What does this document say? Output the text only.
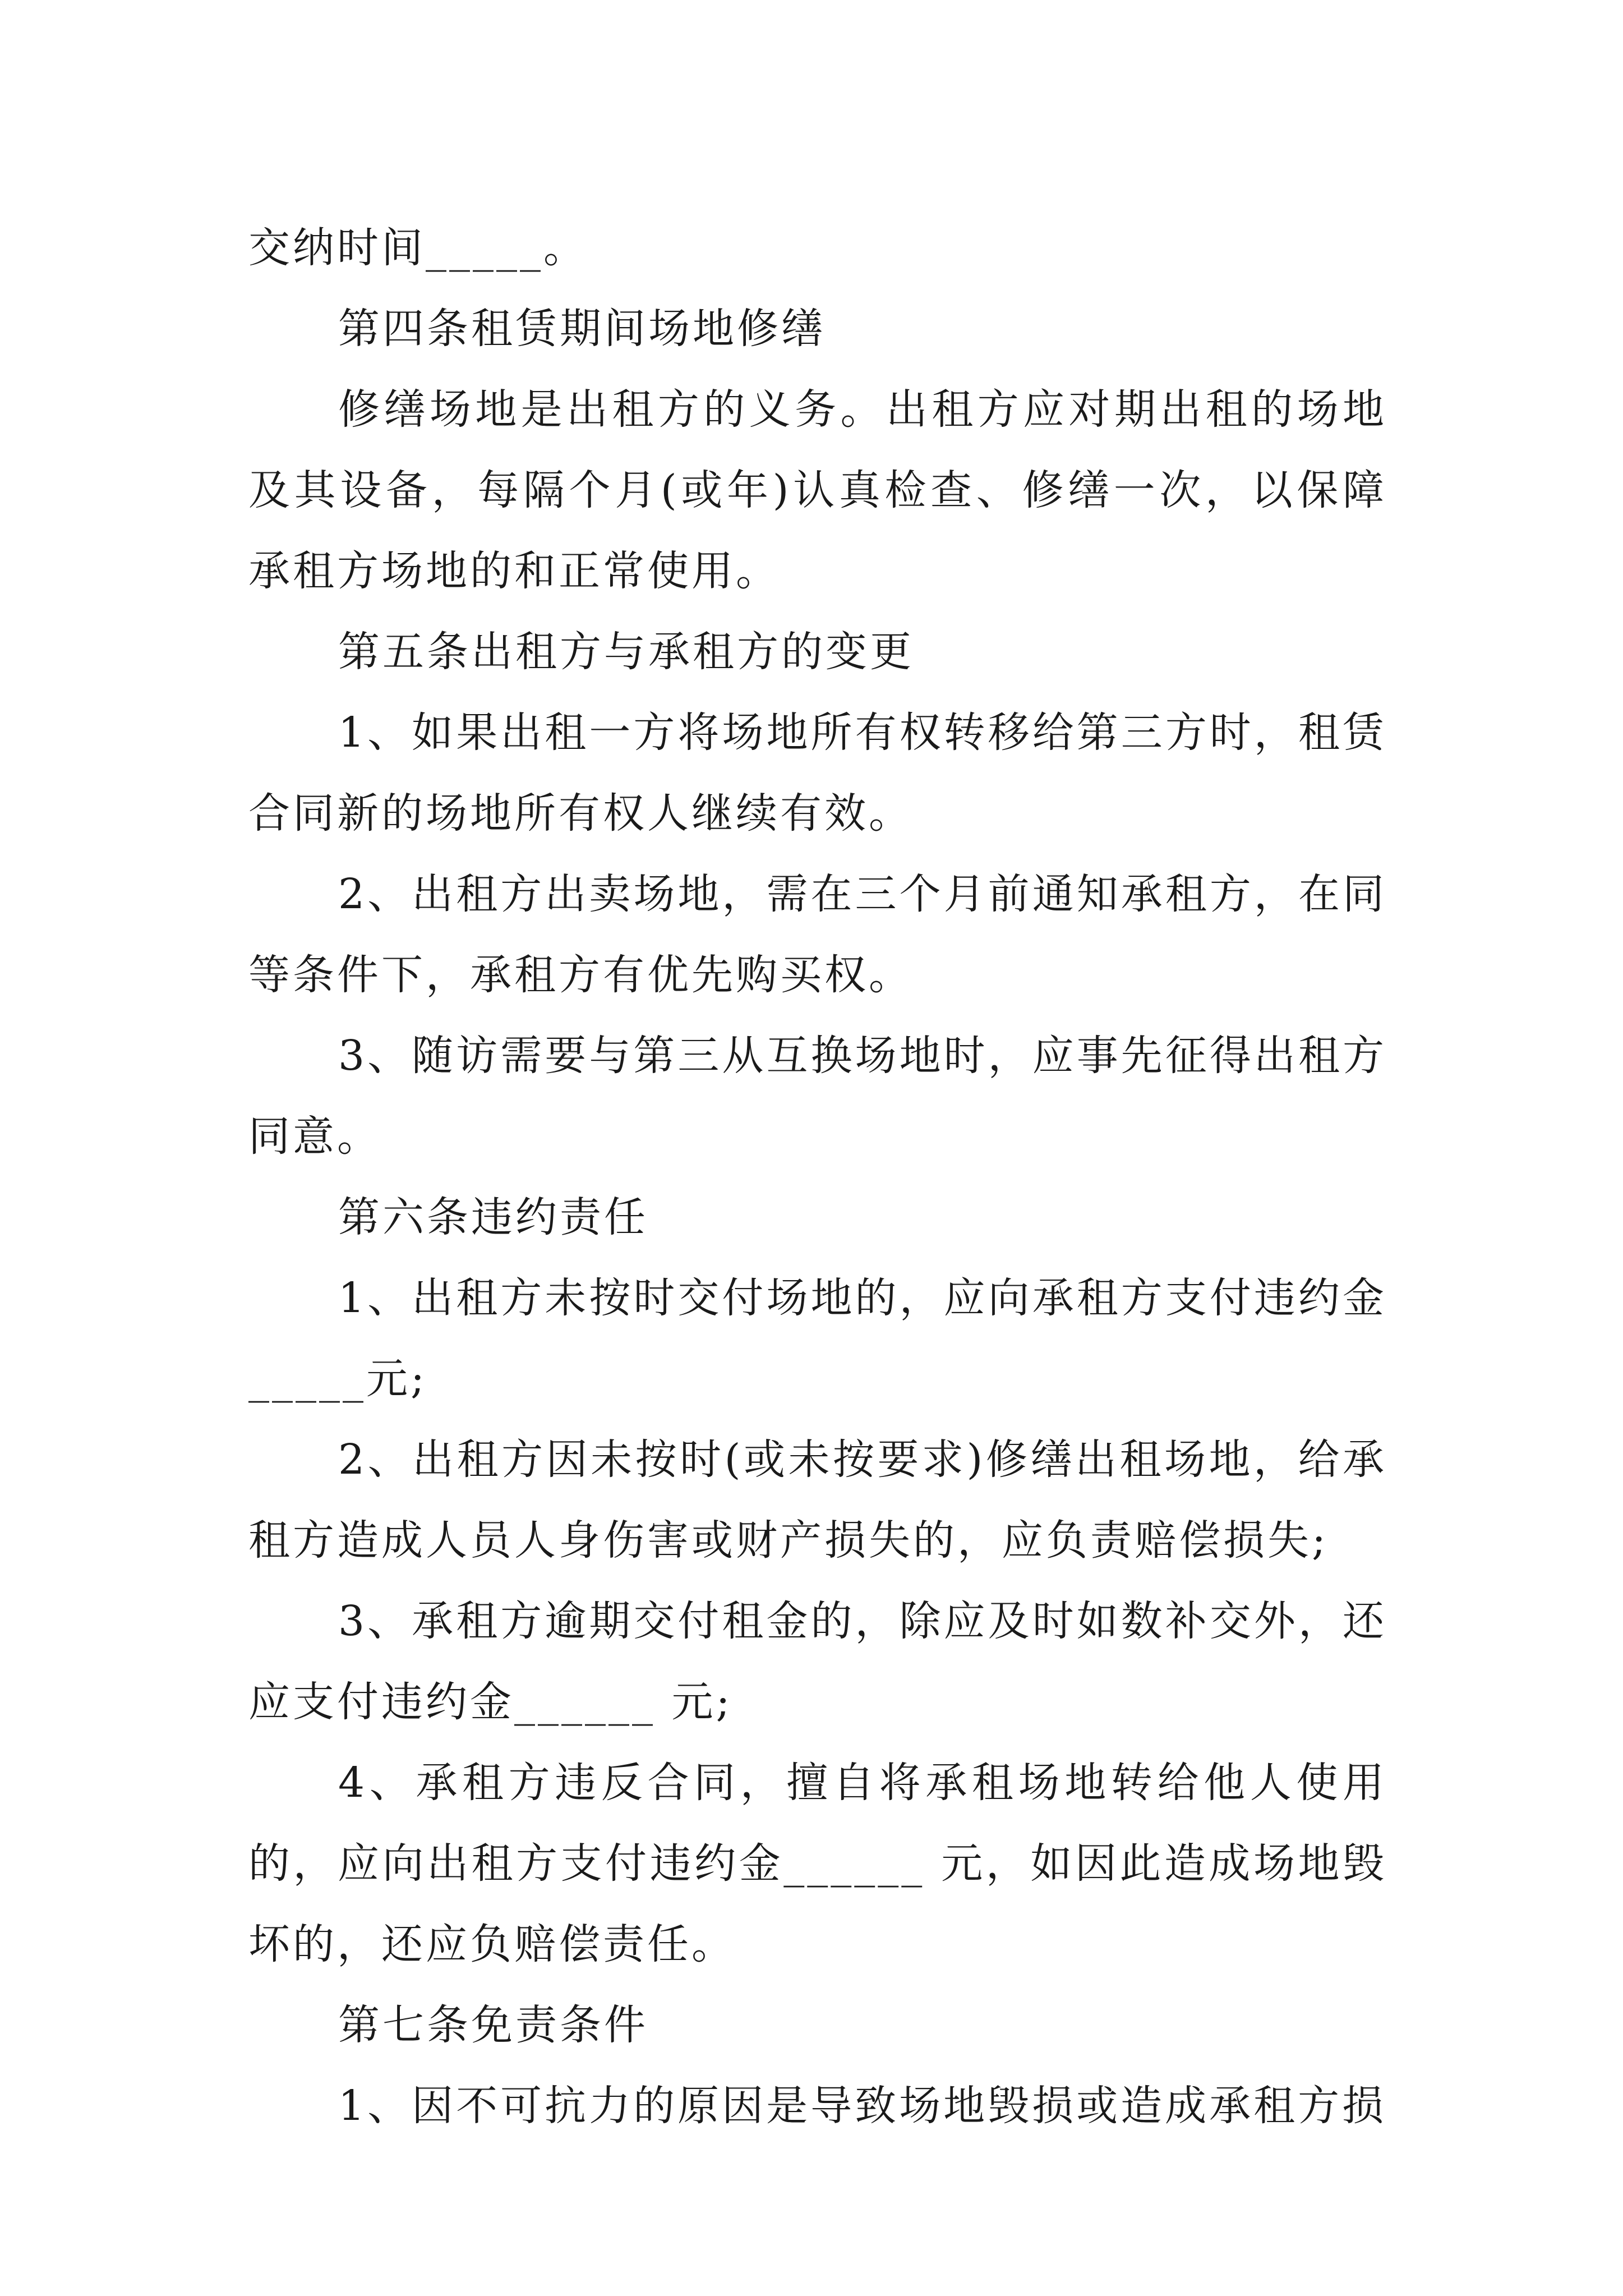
交纳时间_____。

第四条租赁期间场地修缮

修缮场地是出租方的义务。出租方应对期出租的场地及其设备，每隔个月(或年)认真检查、修缮一次，以保障承租方场地的和正常使用。

第五条出租方与承租方的变更

1、如果出租一方将场地所有权转移给第三方时，租赁合同新的场地所有权人继续有效。

2、出租方出卖场地，需在三个月前通知承租方，在同等条件下，承租方有优先购买权。

3、随访需要与第三从互换场地时，应事先征得出租方同意。

第六条违约责任

1、出租方未按时交付场地的，应向承租方支付违约金_____元;

2、出租方因未按时(或未按要求)修缮出租场地，给承租方造成人员人身伤害或财产损失的，应负责赔偿损失;

3、承租方逾期交付租金的，除应及时如数补交外，还应支付违约金______ 元;

4、承租方违反合同，擅自将承租场地转给他人使用的，应向出租方支付违约金______ 元，如因此造成场地毁坏的，还应负赔偿责任。

第七条免责条件

1、因不可抗力的原因是导致场地毁损或造成承租方损
